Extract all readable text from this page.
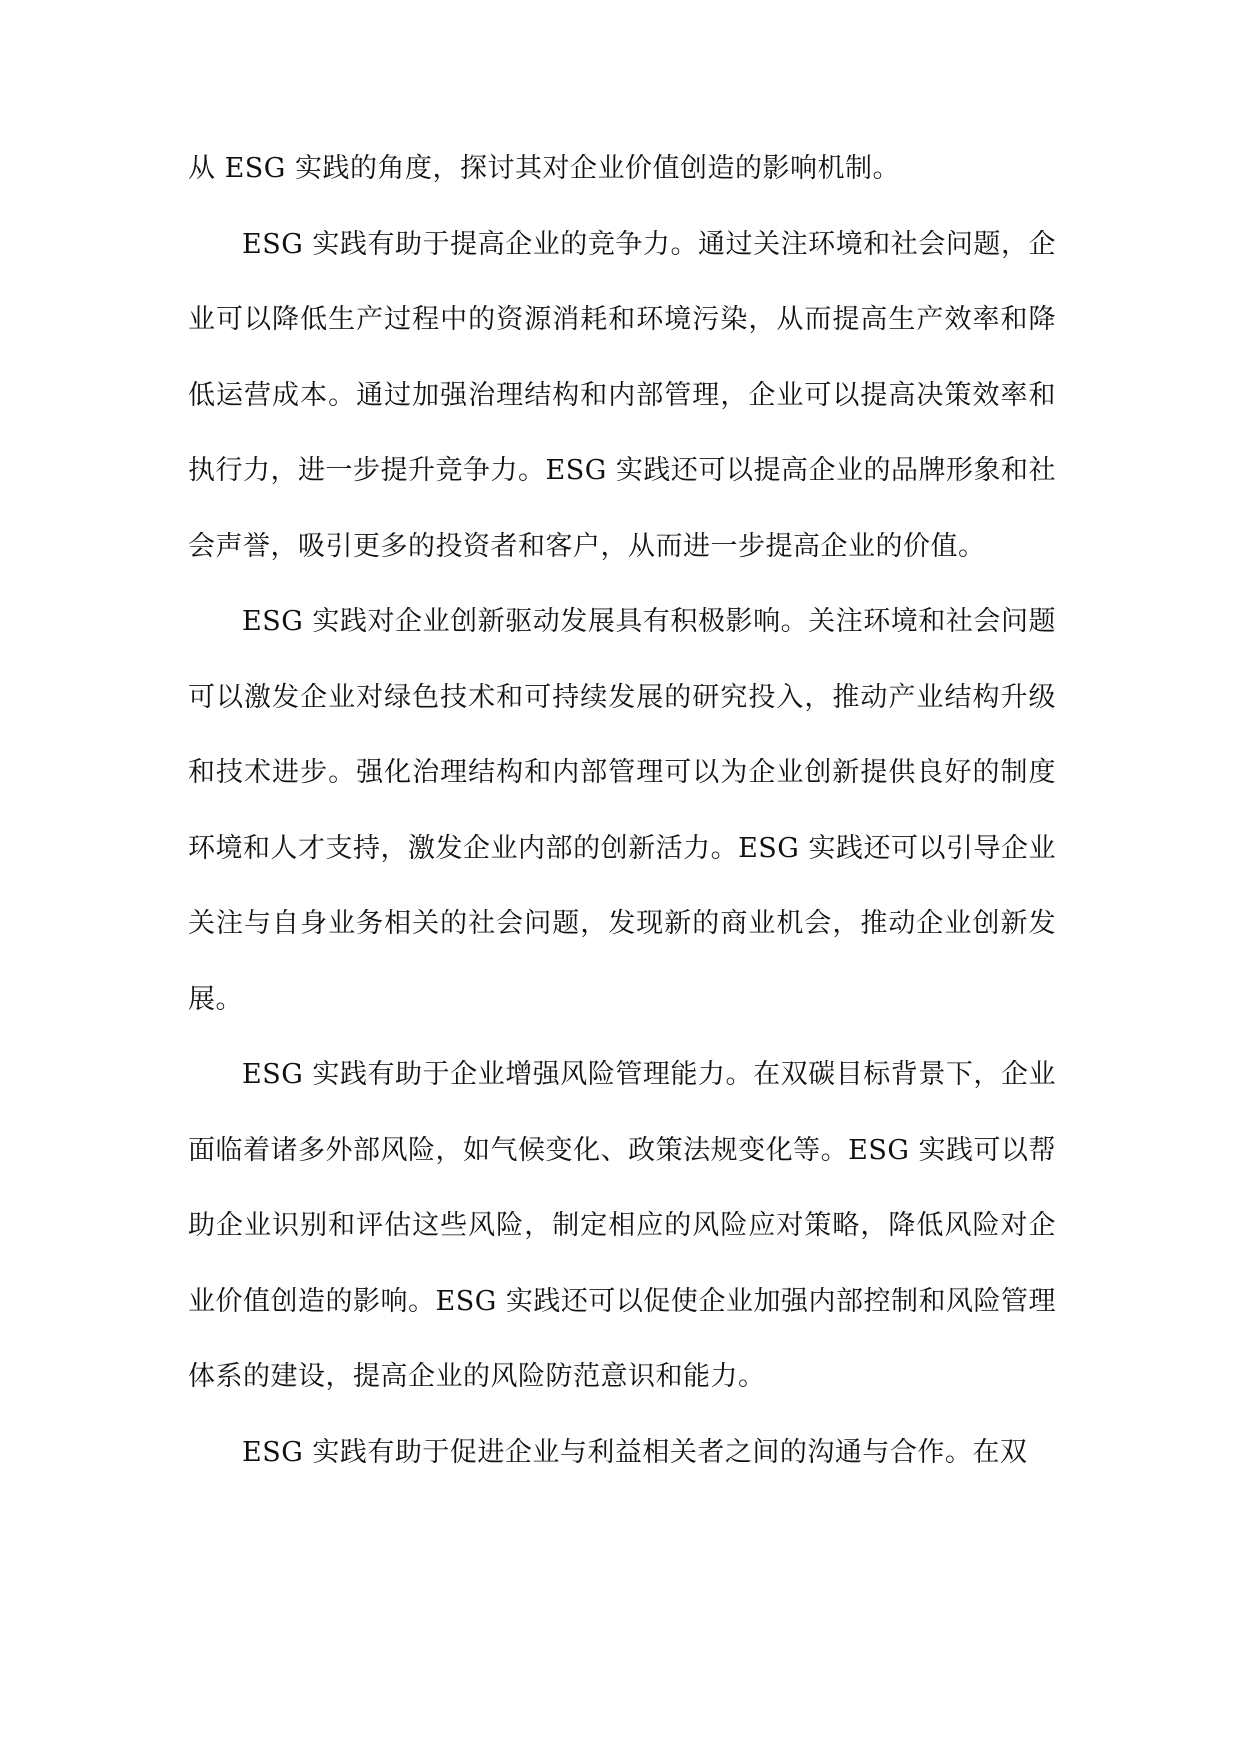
从 ESG 实践的角度，探讨其对企业价值创造的影响机制。

ESG 实践有助于提高企业的竞争力。通过关注环境和社会问题，企业可以降低生产过程中的资源消耗和环境污染，从而提高生产效率和降低运营成本。通过加强治理结构和内部管理，企业可以提高决策效率和执行力，进一步提升竞争力。ESG 实践还可以提高企业的品牌形象和社会声誉，吸引更多的投资者和客户，从而进一步提高企业的价值。

ESG 实践对企业创新驱动发展具有积极影响。关注环境和社会问题可以激发企业对绿色技术和可持续发展的研究投入，推动产业结构升级和技术进步。强化治理结构和内部管理可以为企业创新提供良好的制度环境和人才支持，激发企业内部的创新活力。ESG 实践还可以引导企业关注与自身业务相关的社会问题，发现新的商业机会，推动企业创新发展。

ESG 实践有助于企业增强风险管理能力。在双碳目标背景下，企业面临着诸多外部风险，如气候变化、政策法规变化等。ESG 实践可以帮助企业识别和评估这些风险，制定相应的风险应对策略，降低风险对企业价值创造的影响。ESG 实践还可以促使企业加强内部控制和风险管理体系的建设，提高企业的风险防范意识和能力。

ESG 实践有助于促进企业与利益相关者之间的沟通与合作。在双
